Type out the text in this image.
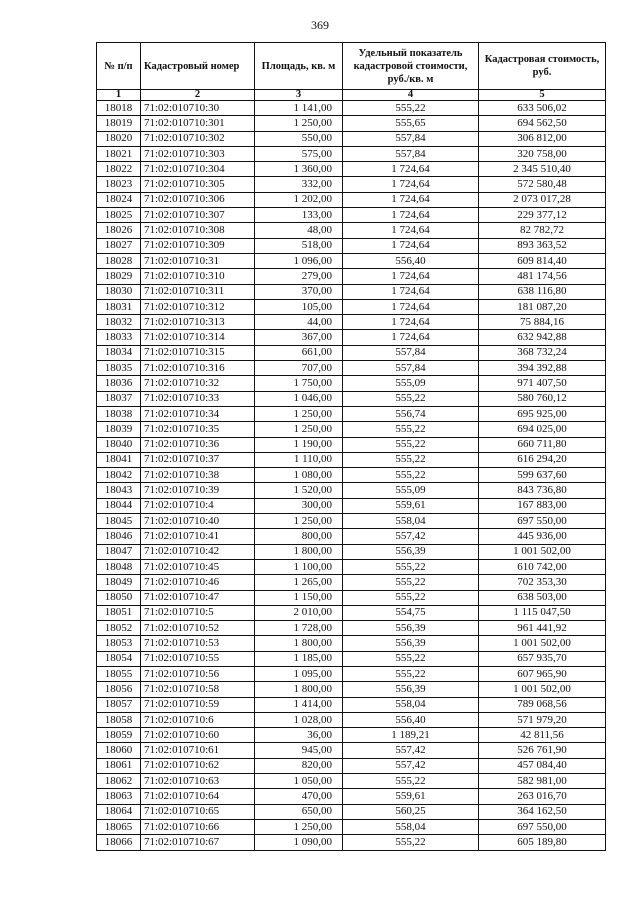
369
№ п/п	Кадастровый номер	Площадь, кв. м	Удельный показатель кадастровой стоимости, руб./кв. м	Кадастровая стоимость, руб.
1	2	3	4	5
18018	71:02:010710:30	1 141,00	555,22	633 506,02
18019	71:02:010710:301	1 250,00	555,65	694 562,50
18020	71:02:010710:302	550,00	557,84	306 812,00
18021	71:02:010710:303	575,00	557,84	320 758,00
18022	71:02:010710:304	1 360,00	1 724,64	2 345 510,40
18023	71:02:010710:305	332,00	1 724,64	572 580,48
18024	71:02:010710:306	1 202,00	1 724,64	2 073 017,28
18025	71:02:010710:307	133,00	1 724,64	229 377,12
18026	71:02:010710:308	48,00	1 724,64	82 782,72
18027	71:02:010710:309	518,00	1 724,64	893 363,52
18028	71:02:010710:31	1 096,00	556,40	609 814,40
18029	71:02:010710:310	279,00	1 724,64	481 174,56
18030	71:02:010710:311	370,00	1 724,64	638 116,80
18031	71:02:010710:312	105,00	1 724,64	181 087,20
18032	71:02:010710:313	44,00	1 724,64	75 884,16
18033	71:02:010710:314	367,00	1 724,64	632 942,88
18034	71:02:010710:315	661,00	557,84	368 732,24
18035	71:02:010710:316	707,00	557,84	394 392,88
18036	71:02:010710:32	1 750,00	555,09	971 407,50
18037	71:02:010710:33	1 046,00	555,22	580 760,12
18038	71:02:010710:34	1 250,00	556,74	695 925,00
18039	71:02:010710:35	1 250,00	555,22	694 025,00
18040	71:02:010710:36	1 190,00	555,22	660 711,80
18041	71:02:010710:37	1 110,00	555,22	616 294,20
18042	71:02:010710:38	1 080,00	555,22	599 637,60
18043	71:02:010710:39	1 520,00	555,09	843 736,80
18044	71:02:010710:4	300,00	559,61	167 883,00
18045	71:02:010710:40	1 250,00	558,04	697 550,00
18046	71:02:010710:41	800,00	557,42	445 936,00
18047	71:02:010710:42	1 800,00	556,39	1 001 502,00
18048	71:02:010710:45	1 100,00	555,22	610 742,00
18049	71:02:010710:46	1 265,00	555,22	702 353,30
18050	71:02:010710:47	1 150,00	555,22	638 503,00
18051	71:02:010710:5	2 010,00	554,75	1 115 047,50
18052	71:02:010710:52	1 728,00	556,39	961 441,92
18053	71:02:010710:53	1 800,00	556,39	1 001 502,00
18054	71:02:010710:55	1 185,00	555,22	657 935,70
18055	71:02:010710:56	1 095,00	555,22	607 965,90
18056	71:02:010710:58	1 800,00	556,39	1 001 502,00
18057	71:02:010710:59	1 414,00	558,04	789 068,56
18058	71:02:010710:6	1 028,00	556,40	571 979,20
18059	71:02:010710:60	36,00	1 189,21	42 811,56
18060	71:02:010710:61	945,00	557,42	526 761,90
18061	71:02:010710:62	820,00	557,42	457 084,40
18062	71:02:010710:63	1 050,00	555,22	582 981,00
18063	71:02:010710:64	470,00	559,61	263 016,70
18064	71:02:010710:65	650,00	560,25	364 162,50
18065	71:02:010710:66	1 250,00	558,04	697 550,00
18066	71:02:010710:67	1 090,00	555,22	605 189,80
